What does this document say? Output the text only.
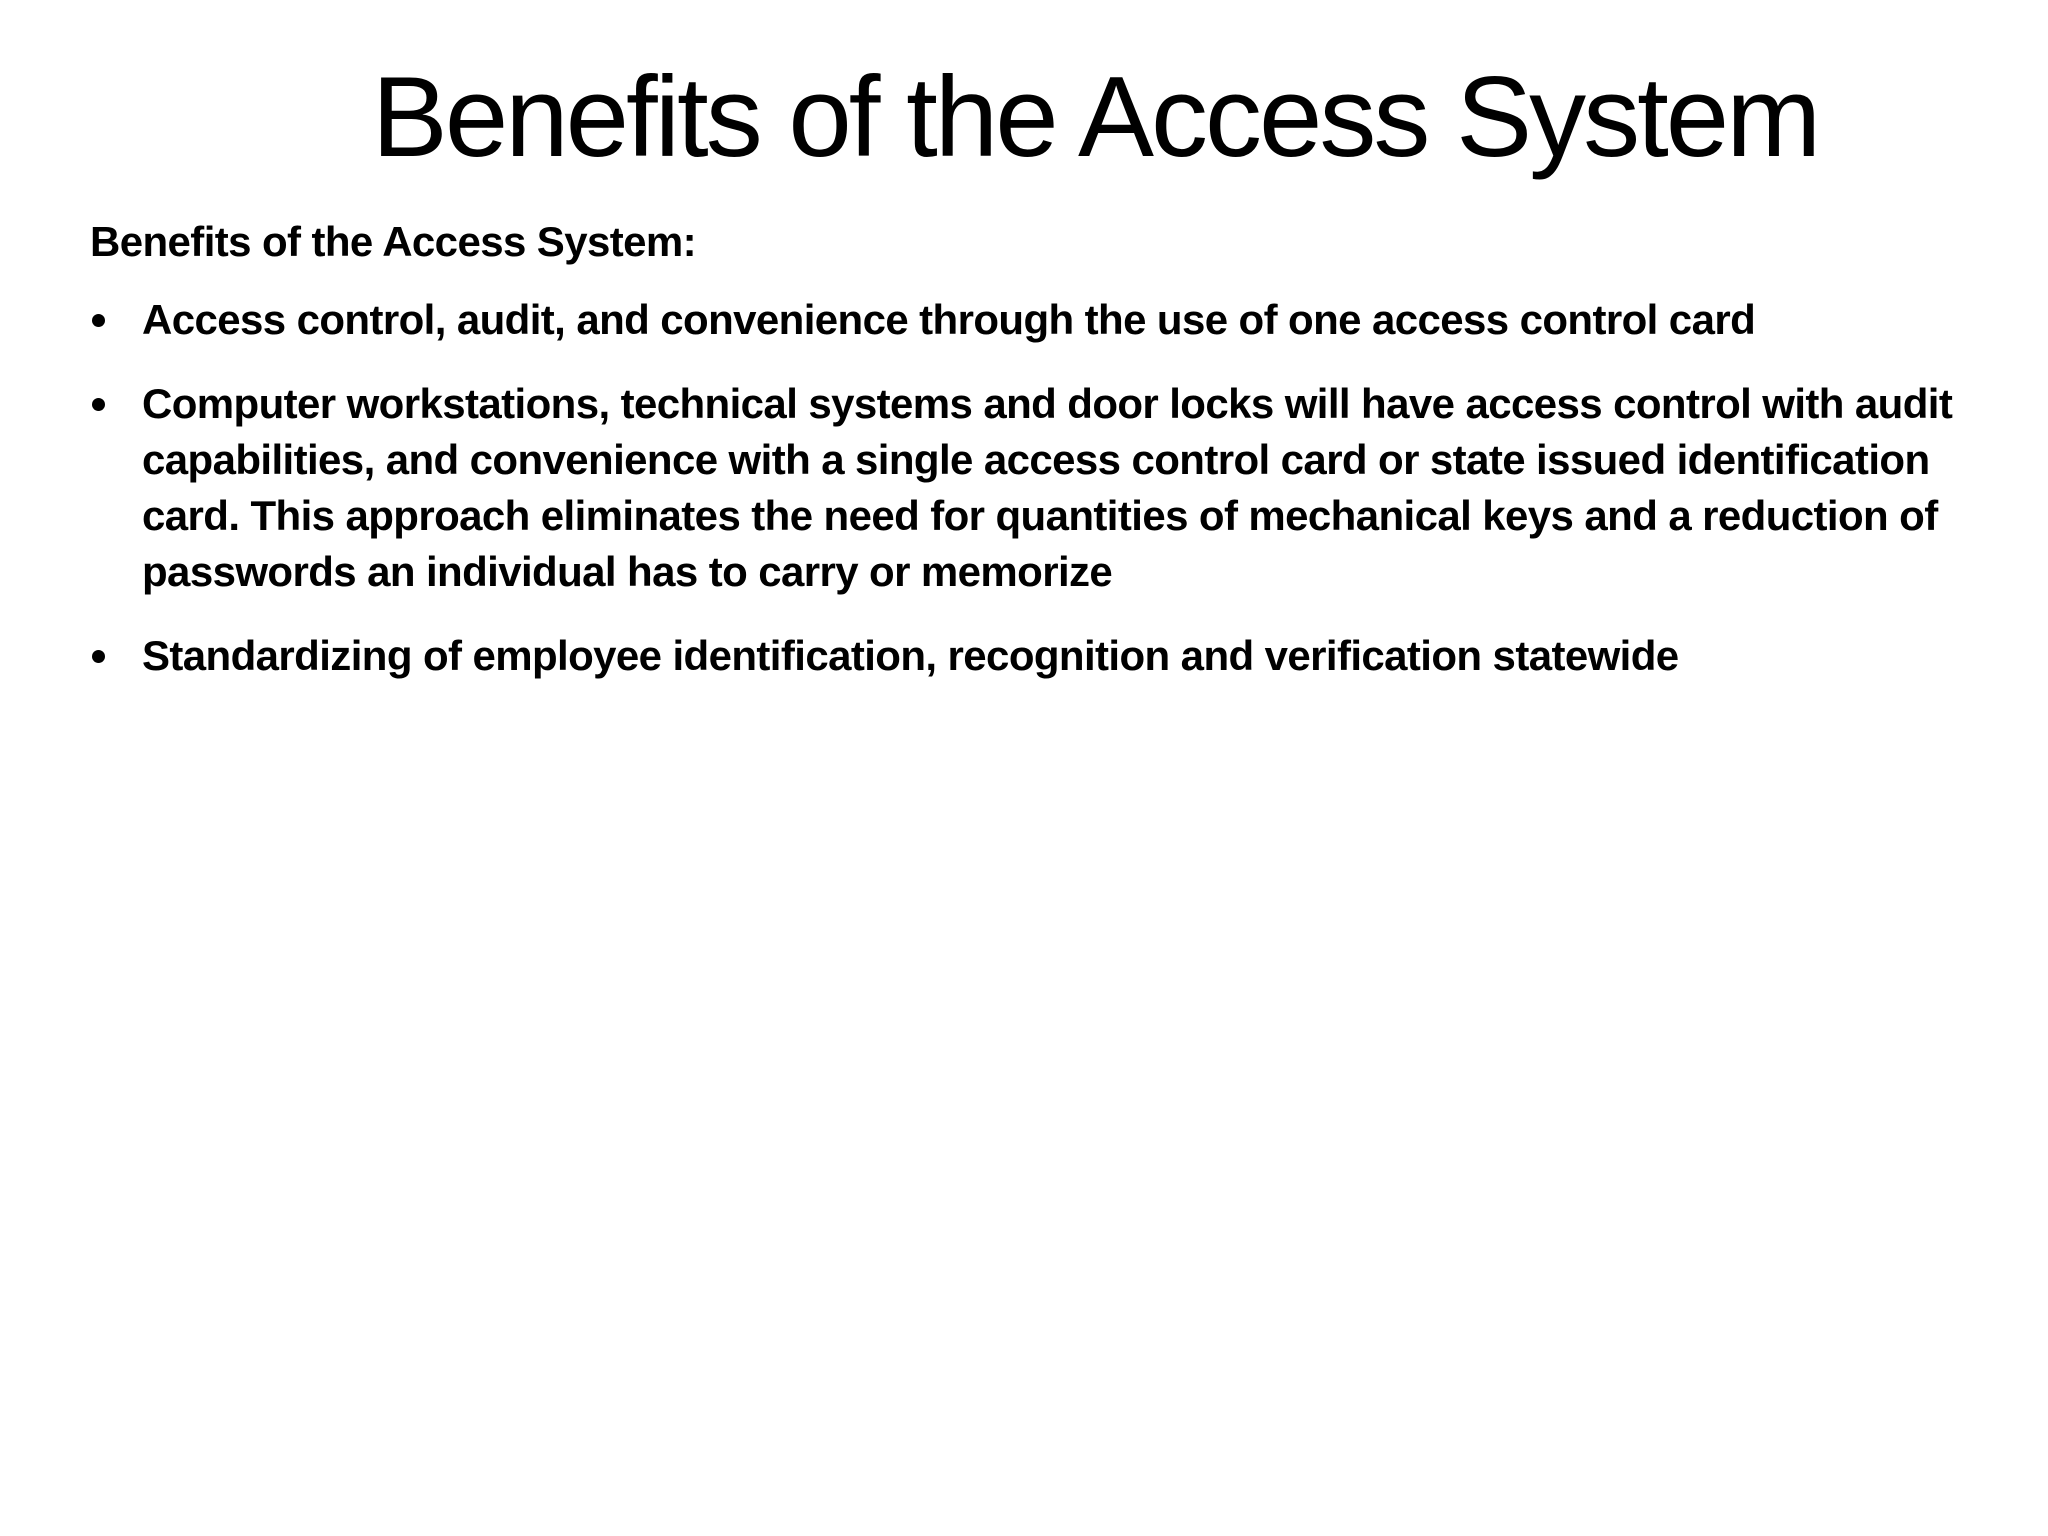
Benefits of the Access System

Benefits of the Access System:

Access control, audit, and convenience through the use of one access control card
Computer workstations, technical systems and door locks will have access control with audit capabilities, and convenience with a single access control card or state issued identification card. This approach eliminates the need for quantities of mechanical keys and a reduction of passwords an individual has to carry or memorize
Standardizing of employee identification, recognition and verification statewide
